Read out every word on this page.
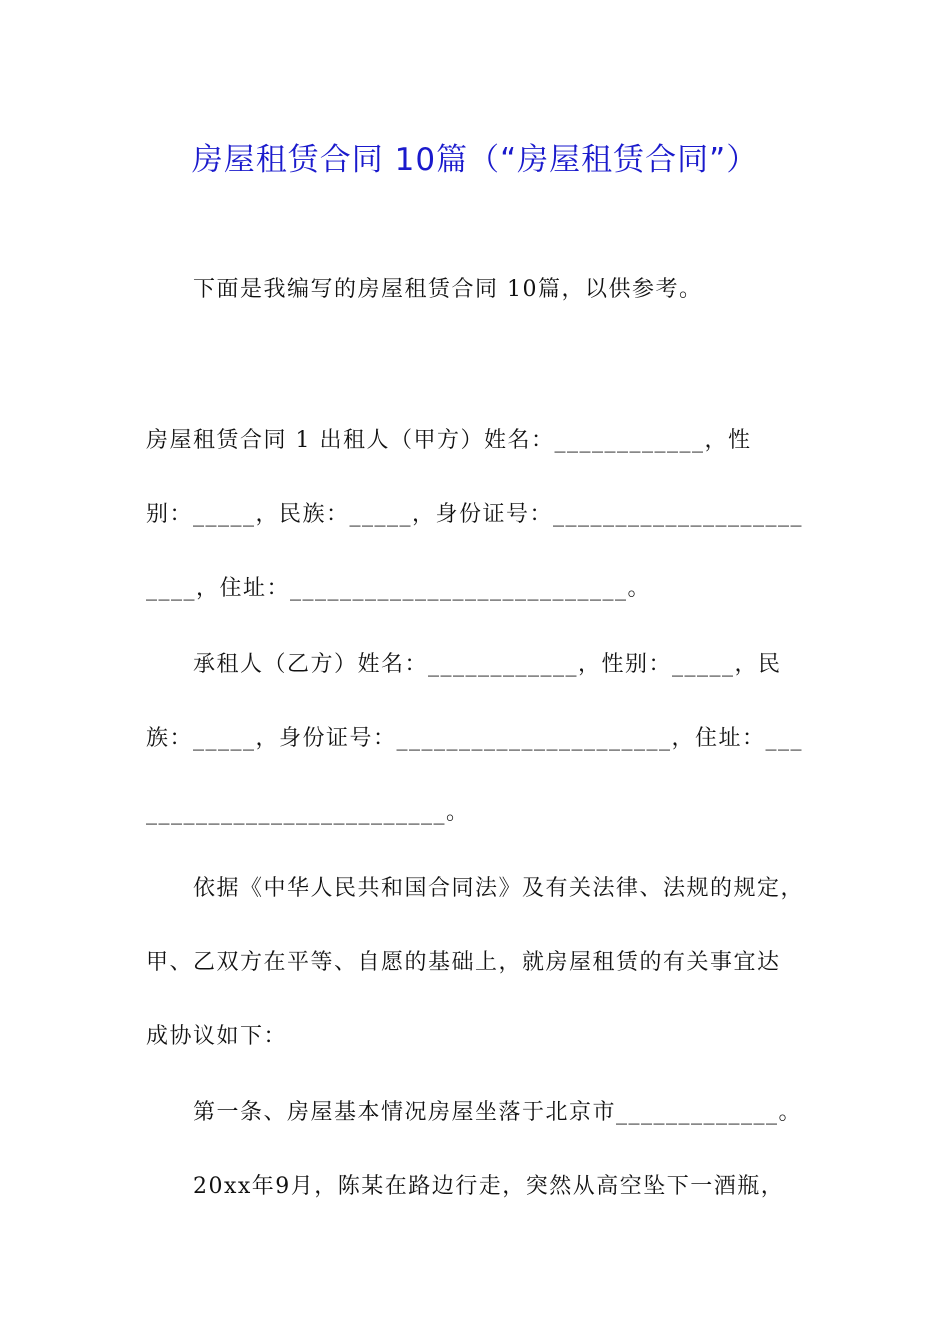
房屋租赁合同 10篇（“房屋租赁合同”）
下面是我编写的房屋租赁合同 10篇，以供参考。
房屋租赁合同 1 出租人（甲方）姓名：____________，性
别：_____，民族：_____，身份证号：____________________
____，住址：___________________________。
承租人（乙方）姓名：____________，性别：_____，民
族：_____，身份证号：______________________，住址：___
________________________。
依据《中华人民共和国合同法》及有关法律、法规的规定，
甲、乙双方在平等、自愿的基础上，就房屋租赁的有关事宜达
成协议如下：
第一条、房屋基本情况房屋坐落于北京市_____________。
20xx年9月，陈某在路边行走，突然从高空坠下一酒瓶，
